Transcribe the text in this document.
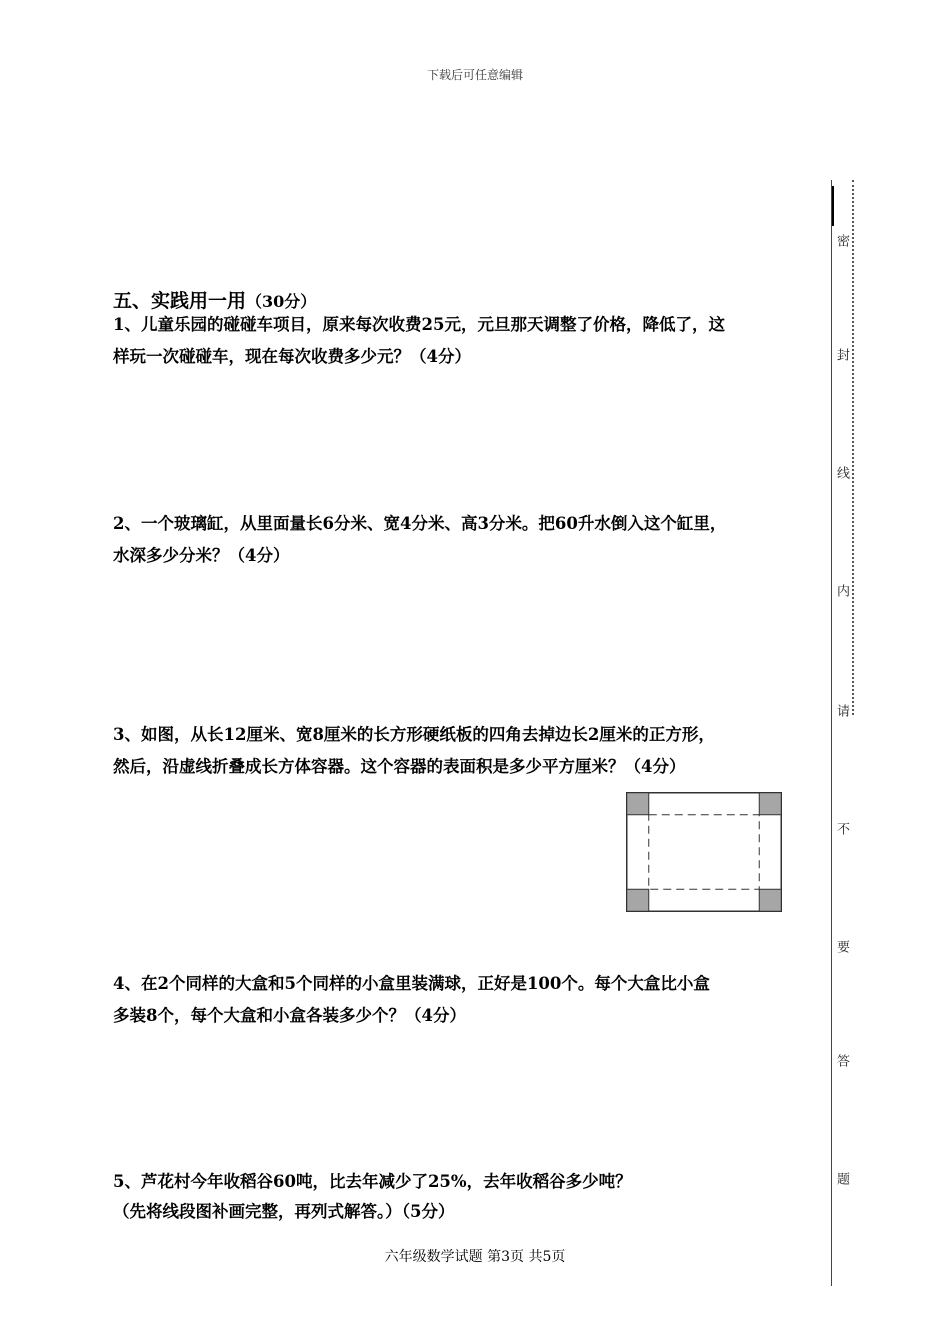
下载后可任意编辑
五、实践用一用（30分）
1、儿童乐园的碰碰车项目，原来每次收费25元，元旦那天调整了价格，降低了，这
样玩一次碰碰车，现在每次收费多少元？（4分）
2、一个玻璃缸，从里面量长6分米、宽4分米、高3分米。把60升水倒入这个缸里，
水深多少分米？（4分）
3、如图，从长12厘米、宽8厘米的长方形硬纸板的四角去掉边长2厘米的正方形，
然后，沿虚线折叠成长方体容器。这个容器的表面积是多少平方厘米？（4分）
4、在2个同样的大盒和5个同样的小盒里装满球，正好是100个。每个大盒比小盒
多装8个，每个大盒和小盒各装多少个？（4分）
5、芦花村今年收稻谷60吨，比去年减少了25%，去年收稻谷多少吨？
（先将线段图补画完整，再列式解答。）（5分）
密
封
线
内
请
不
要
答
题
六年级数学试题 第3页 共5页
